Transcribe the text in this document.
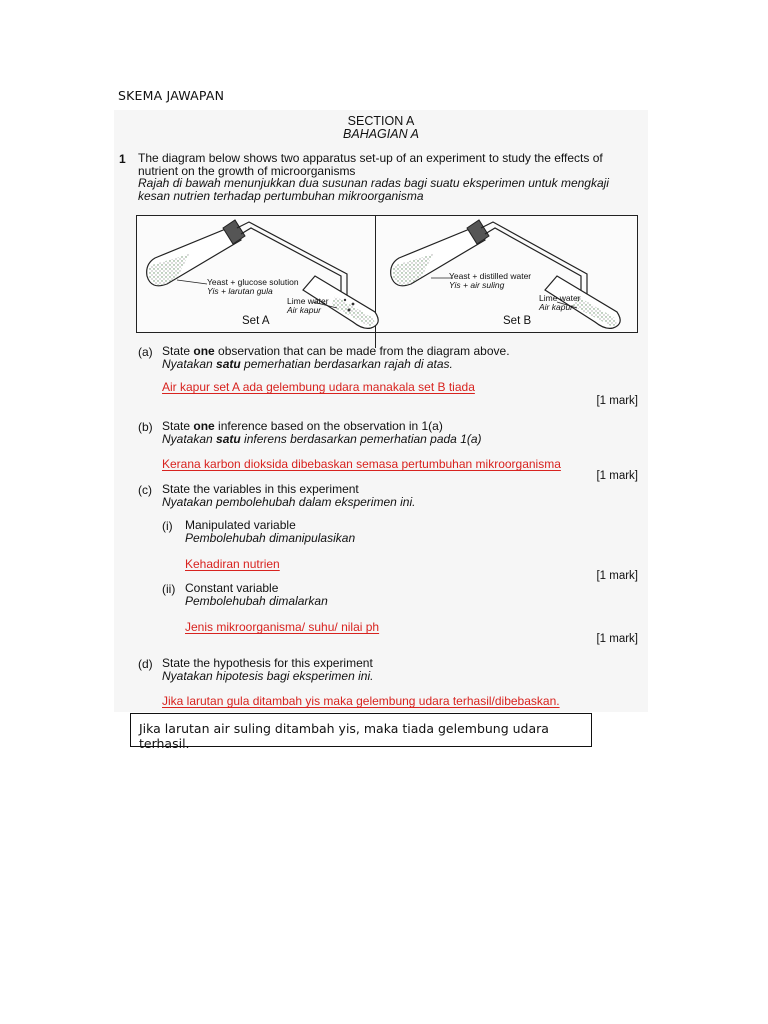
SKEMA JAWAPAN
SECTION A
BAHAGIAN A
1 The diagram below shows two apparatus set-up of an experiment to study the effects of
nutrient on the growth of microorganisms
Rajah di bawah menunjukkan dua susunan radas bagi suatu eksperimen untuk mengkaji
kesan nutrien terhadap pertumbuhan mikroorganisma
Yeast + glucose solution
Yis + larutan gula
Lime water
Air kapur
Set A
Yeast + distilled water
Yis + air suling
Lime water
Air kapur
Set B
(a) State one observation that can be made from the diagram above.
Nyatakan satu pemerhatian berdasarkan rajah di atas.
Air kapur set A ada gelembung udara manakala set B tiada
[1 mark]
(b) State one inference based on the observation in 1(a)
Nyatakan satu inferens berdasarkan pemerhatian pada 1(a)
Kerana karbon dioksida dibebaskan semasa pertumbuhan mikroorganisma
[1 mark]
(c) State the variables in this experiment
Nyatakan pembolehubah dalam eksperimen ini.
(i) Manipulated variable
Pembolehubah dimanipulasikan
Kehadiran nutrien
[1 mark]
(ii) Constant variable
Pembolehubah dimalarkan
Jenis mikroorganisma/ suhu/ nilai ph
[1 mark]
(d) State the hypothesis for this experiment
Nyatakan hipotesis bagi eksperimen ini.
Jika larutan gula ditambah yis maka gelembung udara terhasil/dibebaskan.
Jika larutan air suling ditambah yis, maka tiada gelembung udara terhasil.
